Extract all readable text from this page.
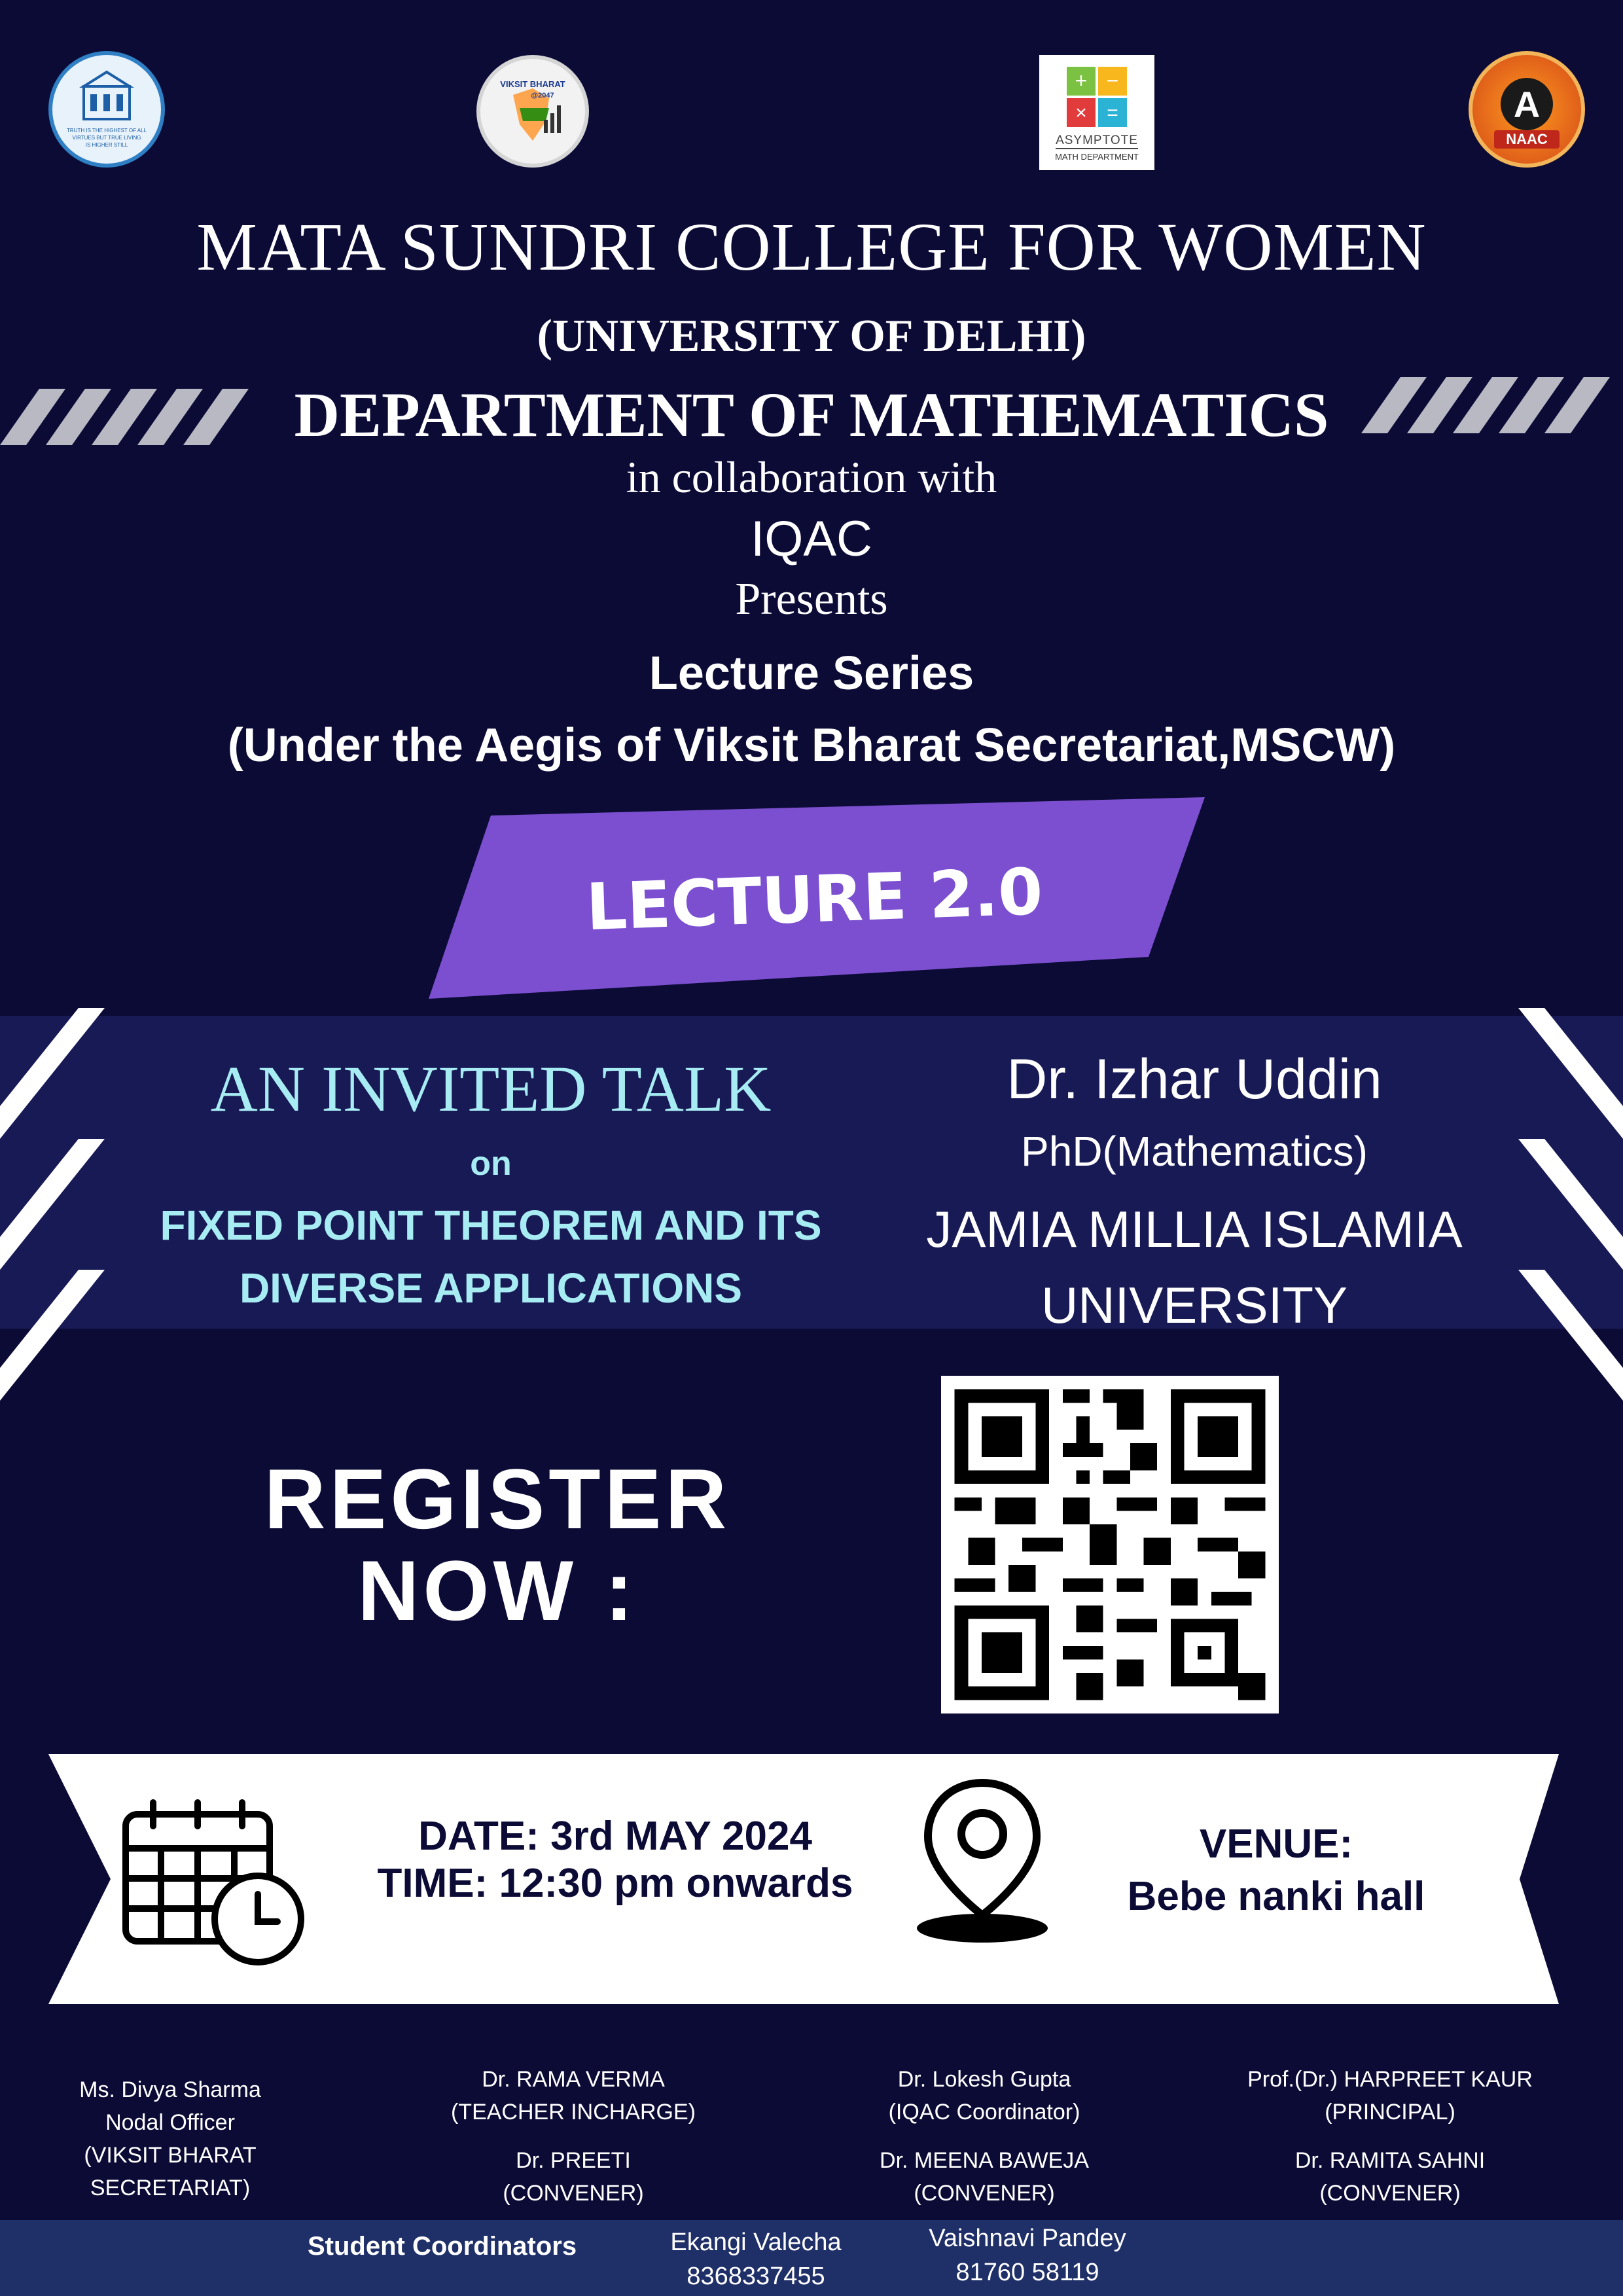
TRUTH IS THE HIGHEST OF ALL
VIRTUES BUT TRUE LIVING
IS HIGHER STILL
VIKSIT BHARAT
@2047
+ −
× =
ASYMPTOTE
MATH DEPARTMENT
A
NAAC
MATA SUNDRI COLLEGE FOR WOMEN
(UNIVERSITY OF DELHI)
DEPARTMENT OF MATHEMATICS
in collaboration with
IQAC
Presents
Lecture Series
(Under the Aegis of Viksit Bharat Secretariat,MSCW)
LECTURE 2.0
AN INVITED TALK
on
FIXED POINT THEOREM AND ITS
DIVERSE APPLICATIONS
Dr. Izhar Uddin
PhD(Mathematics)
JAMIA MILLIA ISLAMIA
UNIVERSITY
REGISTER
NOW :
DATE: 3rd MAY 2024
TIME: 12:30 pm onwards
VENUE:
Bebe nanki hall
Ms. Divya Sharma
Nodal Officer
(VIKSIT BHARAT
SECRETARIAT)
Dr. RAMA VERMA
(TEACHER INCHARGE)
Dr. PREETI
(CONVENER)
Dr. Lokesh Gupta
(IQAC Coordinator)
Dr. MEENA BAWEJA
(CONVENER)
Prof.(Dr.) HARPREET KAUR
(PRINCIPAL)
Dr. RAMITA SAHNI
(CONVENER)
Student Coordinators	Ekangi Valecha
8368337455
Vaishnavi Pandey
81760 58119
